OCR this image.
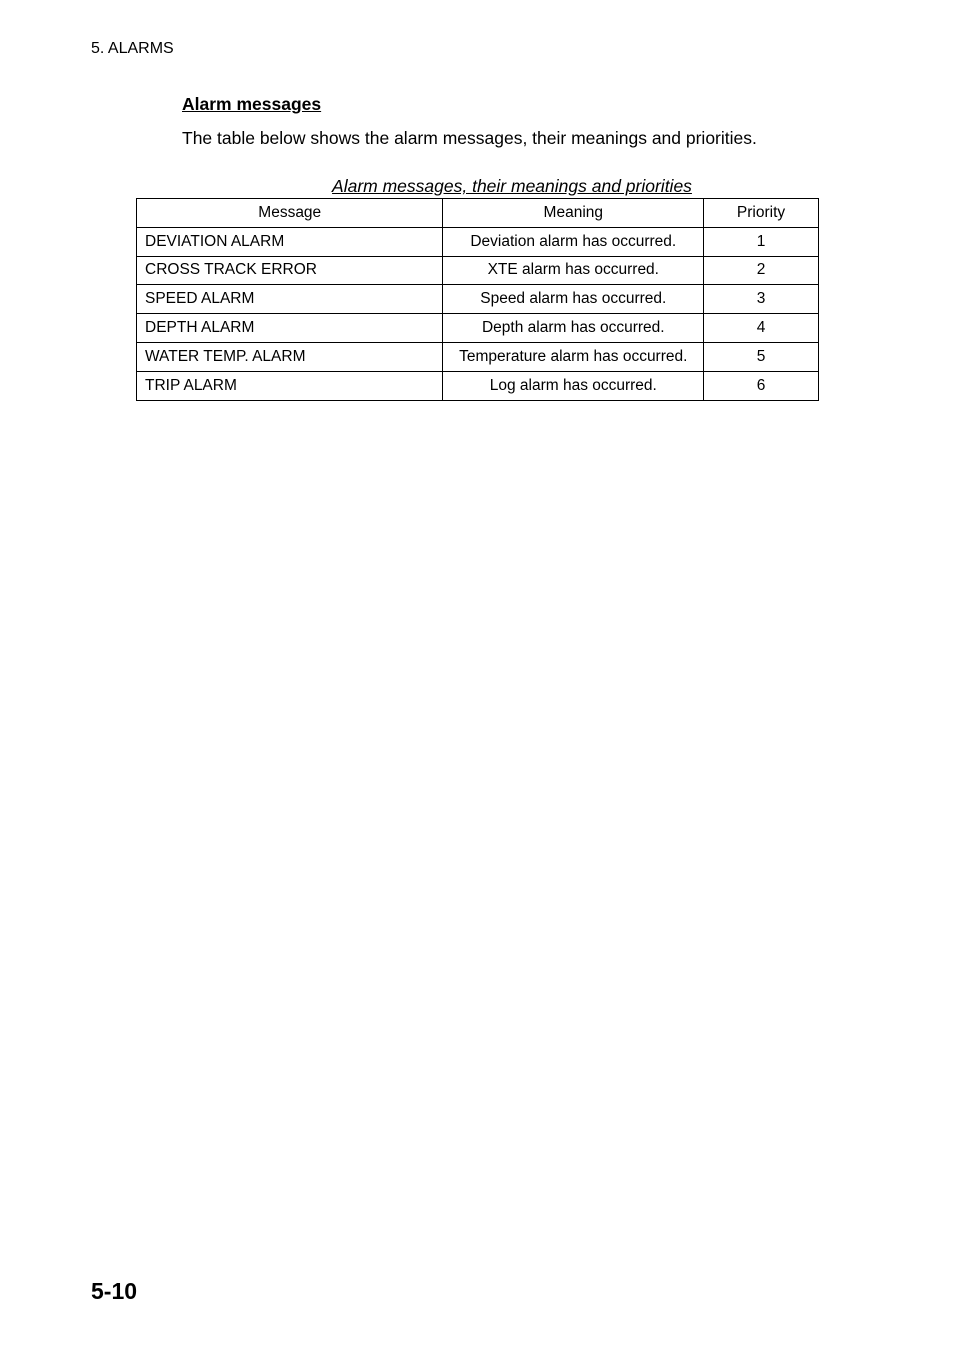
5. ALARMS
Alarm messages
The table below shows the alarm messages, their meanings and priorities.
Alarm messages, their meanings and priorities
Message	Meaning	Priority
DEVIATION ALARM	Deviation alarm has occurred.	1
CROSS TRACK ERROR	XTE alarm has occurred.	2
SPEED ALARM	Speed alarm has occurred.	3
DEPTH ALARM	Depth alarm has occurred.	4
WATER TEMP. ALARM	Temperature alarm has occurred.	5
TRIP ALARM	Log alarm has occurred.	6
5-10
